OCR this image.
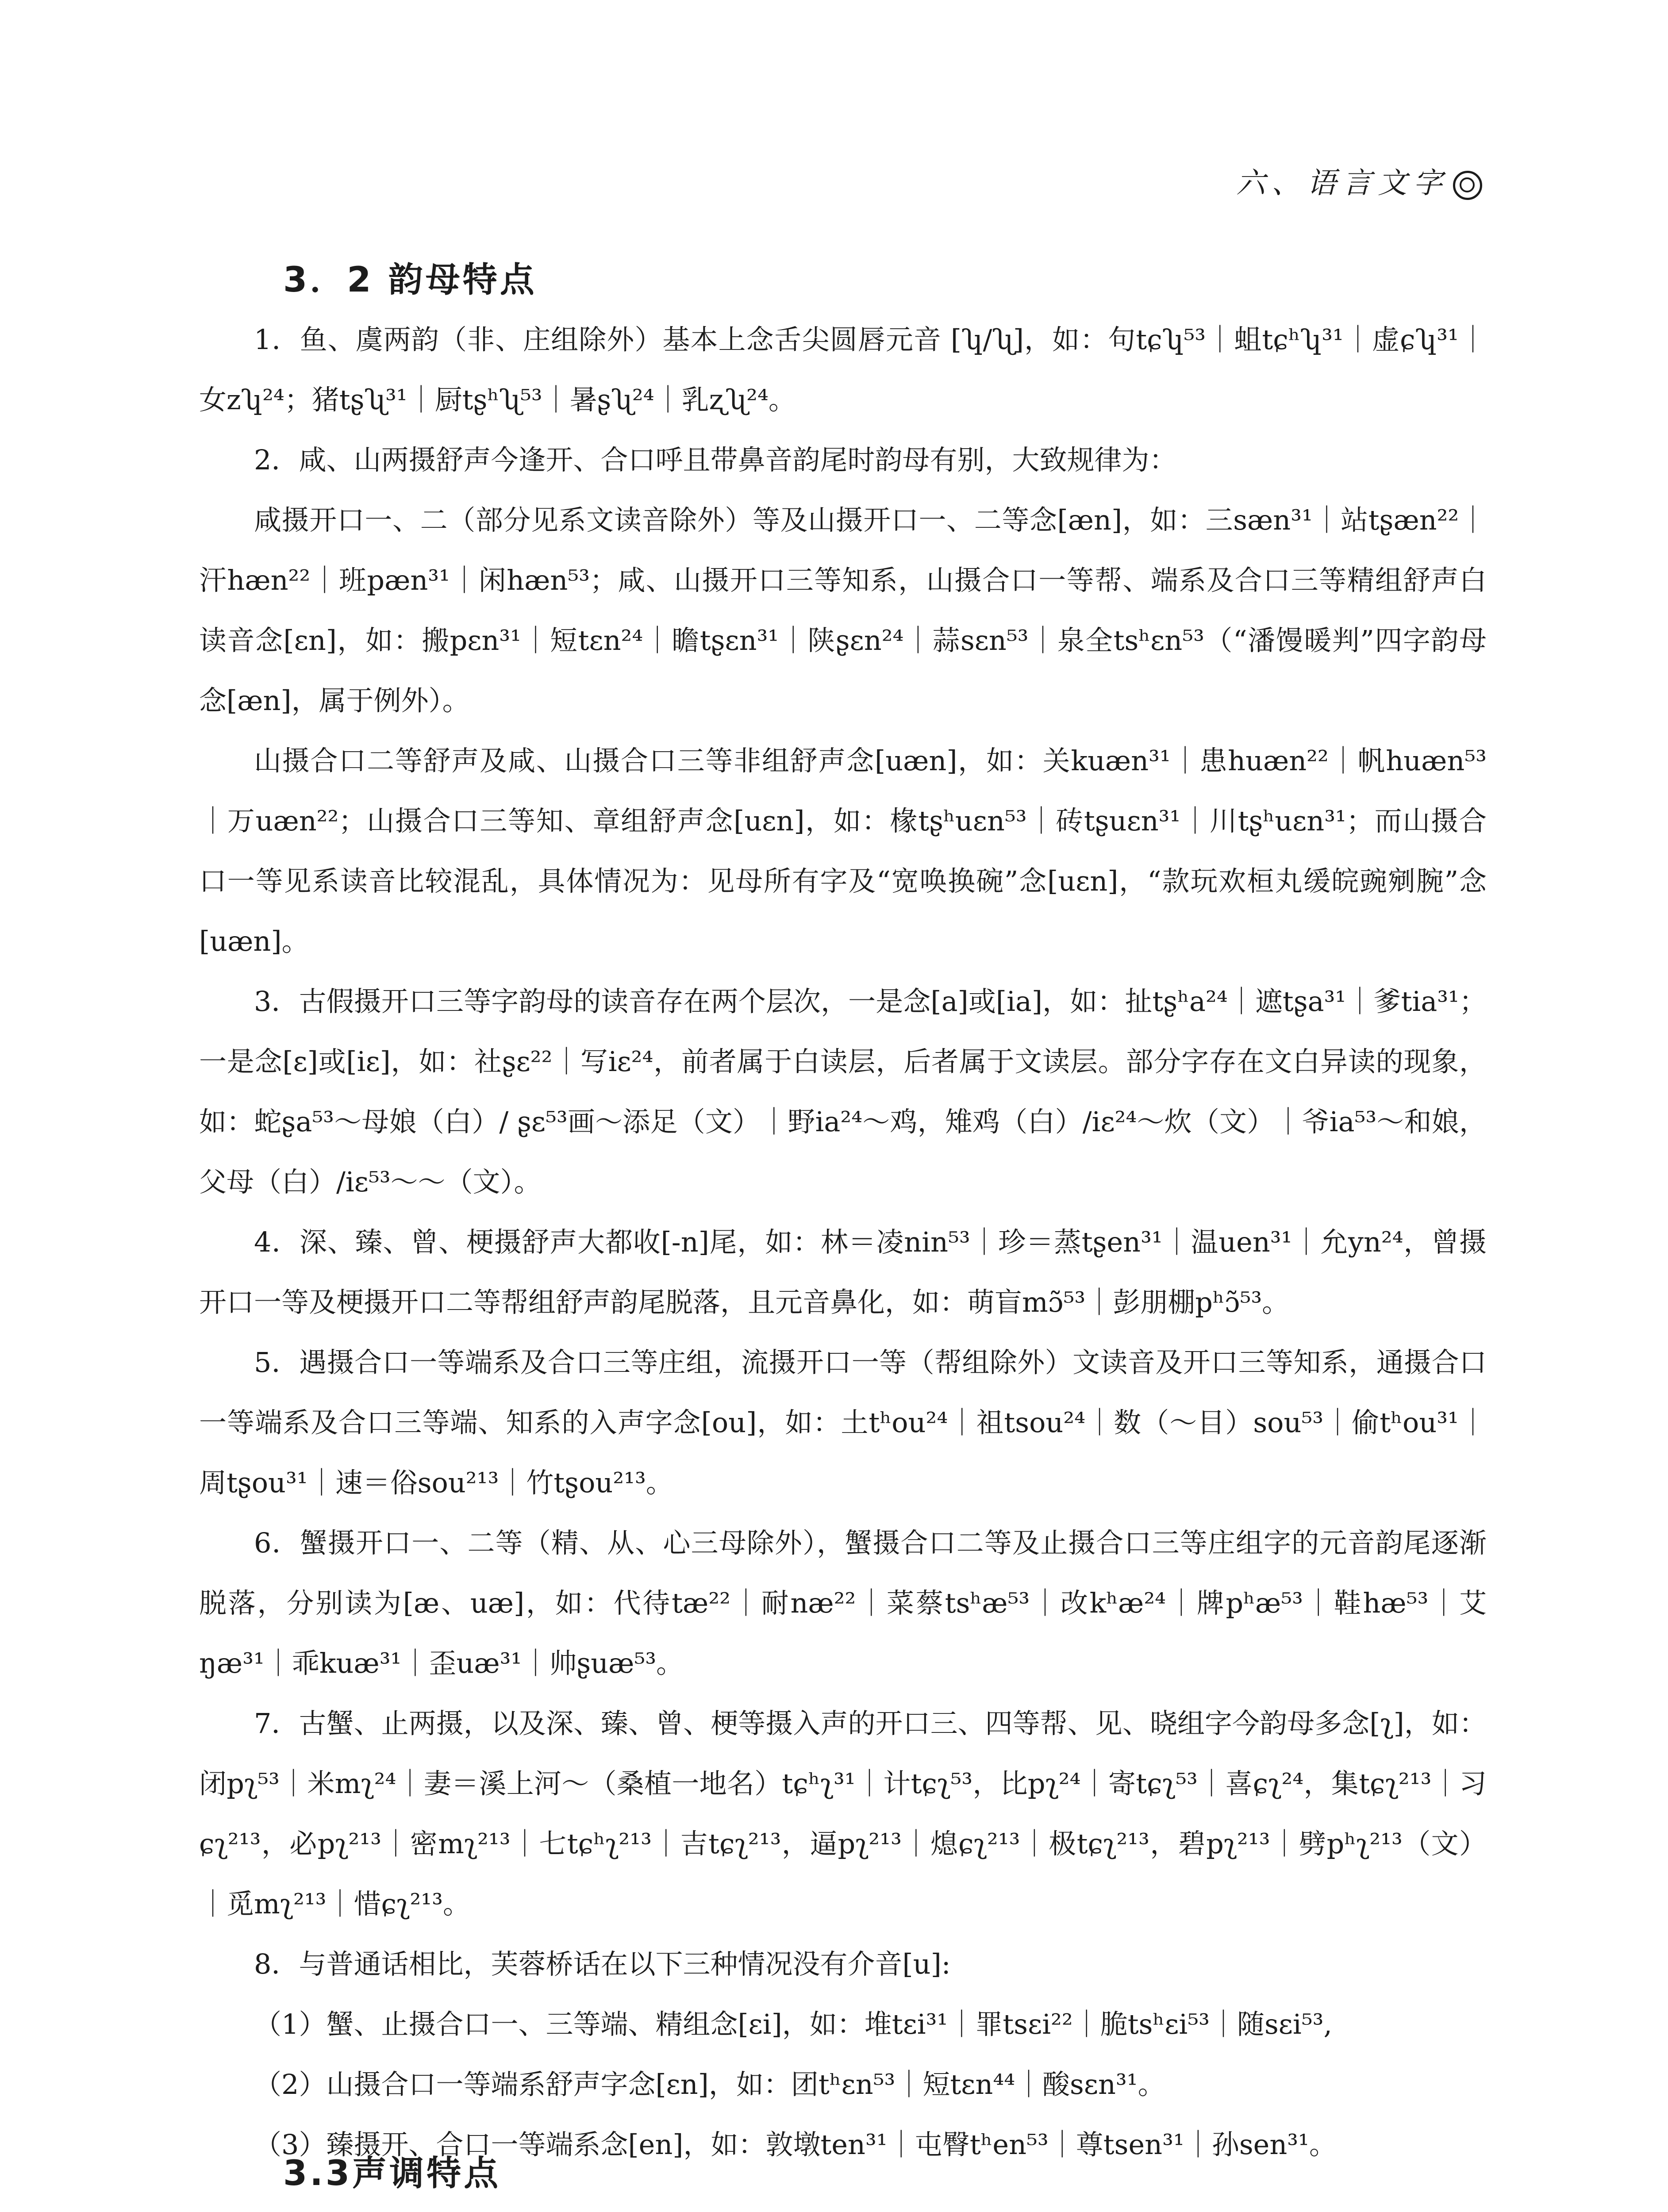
六、语言文字
3．2 韵母特点

1．鱼、虞两韵（非、庄组除外）基本上念舌尖圆唇元音 [ʮ/ʯ]，如：句tɕʮ⁵³｜蛆tɕʰʮ³¹｜虚ɕʮ³¹｜女zʮ²⁴；猪tʂʯ³¹｜厨tʂʰʯ⁵³｜暑ʂʯ²⁴｜乳ʐʯ²⁴。

2．咸、山两摄舒声今逢开、合口呼且带鼻音韵尾时韵母有别，大致规律为：

咸摄开口一、二（部分见系文读音除外）等及山摄开口一、二等念[æn]，如：三sæn³¹｜站tʂæn²²｜汗hæn²²｜班pæn³¹｜闲hæn⁵³；咸、山摄开口三等知系，山摄合口一等帮、端系及合口三等精组舒声白读音念[ɛn]，如：搬pɛn³¹｜短tɛn²⁴｜瞻tʂɛn³¹｜陕ʂɛn²⁴｜蒜sɛn⁵³｜泉全tsʰɛn⁵³（“潘馒暖判”四字韵母念[æn]，属于例外）。

山摄合口二等舒声及咸、山摄合口三等非组舒声念[uæn]，如：关kuæn³¹｜患huæn²²｜帆huæn⁵³｜万uæn²²；山摄合口三等知、章组舒声念[uɛn]，如：椽tʂʰuɛn⁵³｜砖tʂuɛn³¹｜川tʂʰuɛn³¹；而山摄合口一等见系读音比较混乱，具体情况为：见母所有字及“宽唤换碗”念[uɛn]，“款玩欢桓丸缓皖豌剜腕”念[uæn]。

3．古假摄开口三等字韵母的读音存在两个层次，一是念[a]或[ia]，如：扯tʂʰa²⁴｜遮tʂa³¹｜爹tia³¹；一是念[ɛ]或[iɛ]，如：社ʂɛ²²｜写iɛ²⁴，前者属于白读层，后者属于文读层。部分字存在文白异读的现象，如：蛇ʂa⁵³～母娘（白）/ ʂɛ⁵³画～添足（文）｜野ia²⁴～鸡，雉鸡（白）/iɛ²⁴～炊（文）｜爷ia⁵³～和娘，父母（白）/iɛ⁵³～～（文）。

4．深、臻、曾、梗摄舒声大都收[-n]尾，如：林＝凌nin⁵³｜珍＝蒸tʂen³¹｜温uen³¹｜允yn²⁴，曾摄开口一等及梗摄开口二等帮组舒声韵尾脱落，且元音鼻化，如：萌盲mɔ̃⁵³｜彭朋棚pʰɔ̃⁵³。

5．遇摄合口一等端系及合口三等庄组，流摄开口一等（帮组除外）文读音及开口三等知系，通摄合口一等端系及合口三等端、知系的入声字念[ou]，如：土tʰou²⁴｜祖tsou²⁴｜数（～目）sou⁵³｜偷tʰou³¹｜周tʂou³¹｜速＝俗sou²¹³｜竹tʂou²¹³。

6．蟹摄开口一、二等（精、从、心三母除外），蟹摄合口二等及止摄合口三等庄组字的元音韵尾逐渐脱落，分别读为[æ、uæ]，如：代待tæ²²｜耐næ²²｜菜蔡tsʰæ⁵³｜改kʰæ²⁴｜牌pʰæ⁵³｜鞋hæ⁵³｜艾ŋæ³¹｜乖kuæ³¹｜歪uæ³¹｜帅ʂuæ⁵³。

7．古蟹、止两摄，以及深、臻、曾、梗等摄入声的开口三、四等帮、见、晓组字今韵母多念[ʅ]，如：闭pʅ⁵³｜米mʅ²⁴｜妻＝溪上河～（桑植一地名）tɕʰʅ³¹｜计tɕʅ⁵³，比pʅ²⁴｜寄tɕʅ⁵³｜喜ɕʅ²⁴，集tɕʅ²¹³｜习ɕʅ²¹³，必pʅ²¹³｜密mʅ²¹³｜七tɕʰʅ²¹³｜吉tɕʅ²¹³，逼pʅ²¹³｜熄ɕʅ²¹³｜极tɕʅ²¹³，碧pʅ²¹³｜劈pʰʅ²¹³（文）｜觅mʅ²¹³｜惜ɕʅ²¹³。

8．与普通话相比，芙蓉桥话在以下三种情况没有介音[u]:

（1）蟹、止摄合口一、三等端、精组念[ɛi]，如：堆tɛi³¹｜罪tsɛi²²｜脆tsʰɛi⁵³｜随sɛi⁵³,

（2）山摄合口一等端系舒声字念[ɛn]，如：团tʰɛn⁵³｜短tɛn⁴⁴｜酸sɛn³¹。

（3）臻摄开、合口一等端系念[en]，如：敦墩ten³¹｜屯臀tʰen⁵³｜尊tsen³¹｜孙sen³¹。

3.3声调特点
